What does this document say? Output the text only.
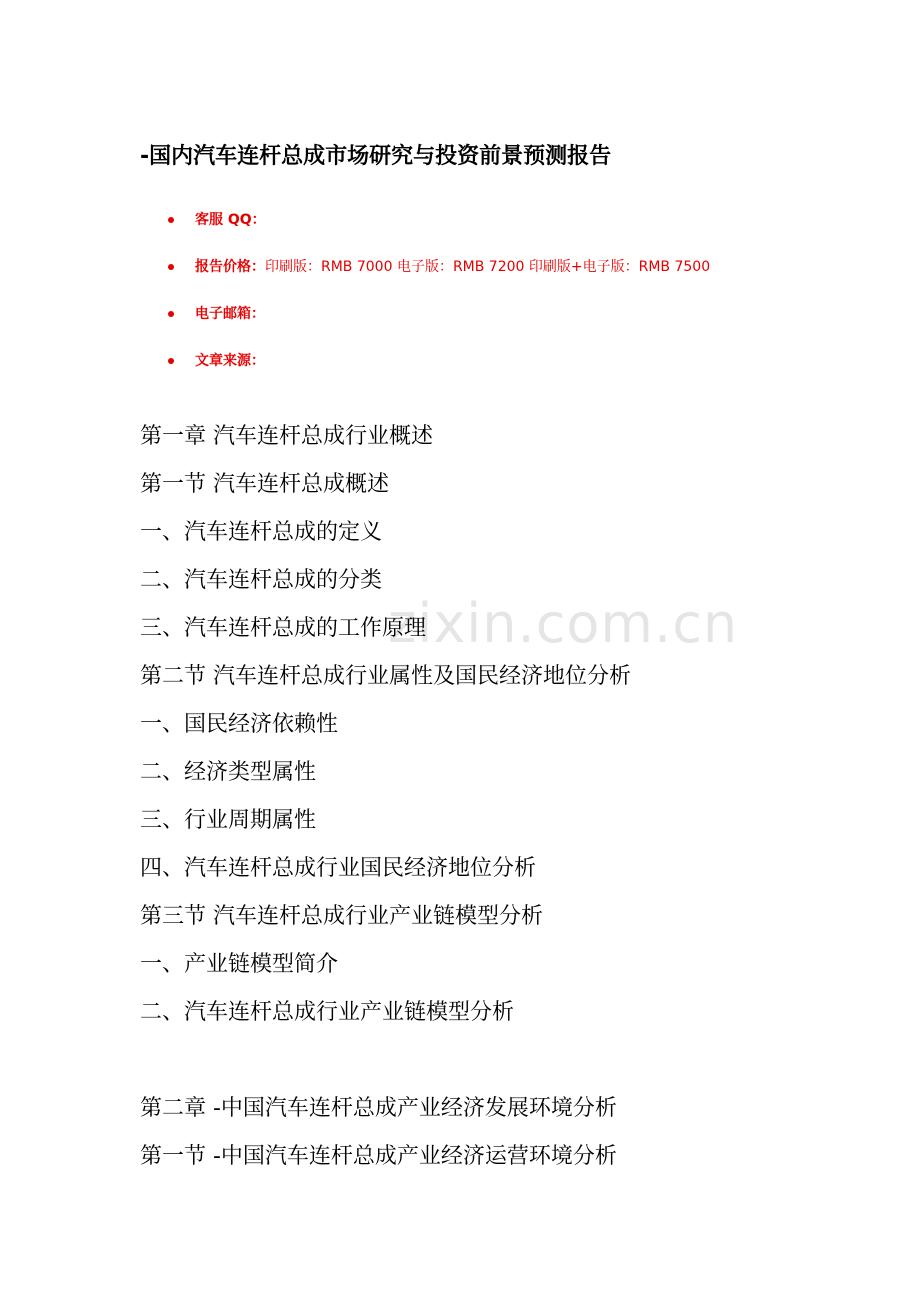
-国内汽车连杆总成市场研究与投资前景预测报告
客服 QQ：
报告价格：印刷版：RMB 7000 电子版：RMB 7200 印刷版+电子版：RMB 7500
电子邮箱：
文章来源：
第一章 汽车连杆总成行业概述
第一节 汽车连杆总成概述
一、汽车连杆总成的定义
二、汽车连杆总成的分类
三、汽车连杆总成的工作原理
第二节 汽车连杆总成行业属性及国民经济地位分析
一、国民经济依赖性
二、经济类型属性
三、行业周期属性
四、汽车连杆总成行业国民经济地位分析
第三节 汽车连杆总成行业产业链模型分析
一、产业链模型简介
二、汽车连杆总成行业产业链模型分析
第二章 -中国汽车连杆总成产业经济发展环境分析
第一节 -中国汽车连杆总成产业经济运营环境分析
zixin.com.cn
